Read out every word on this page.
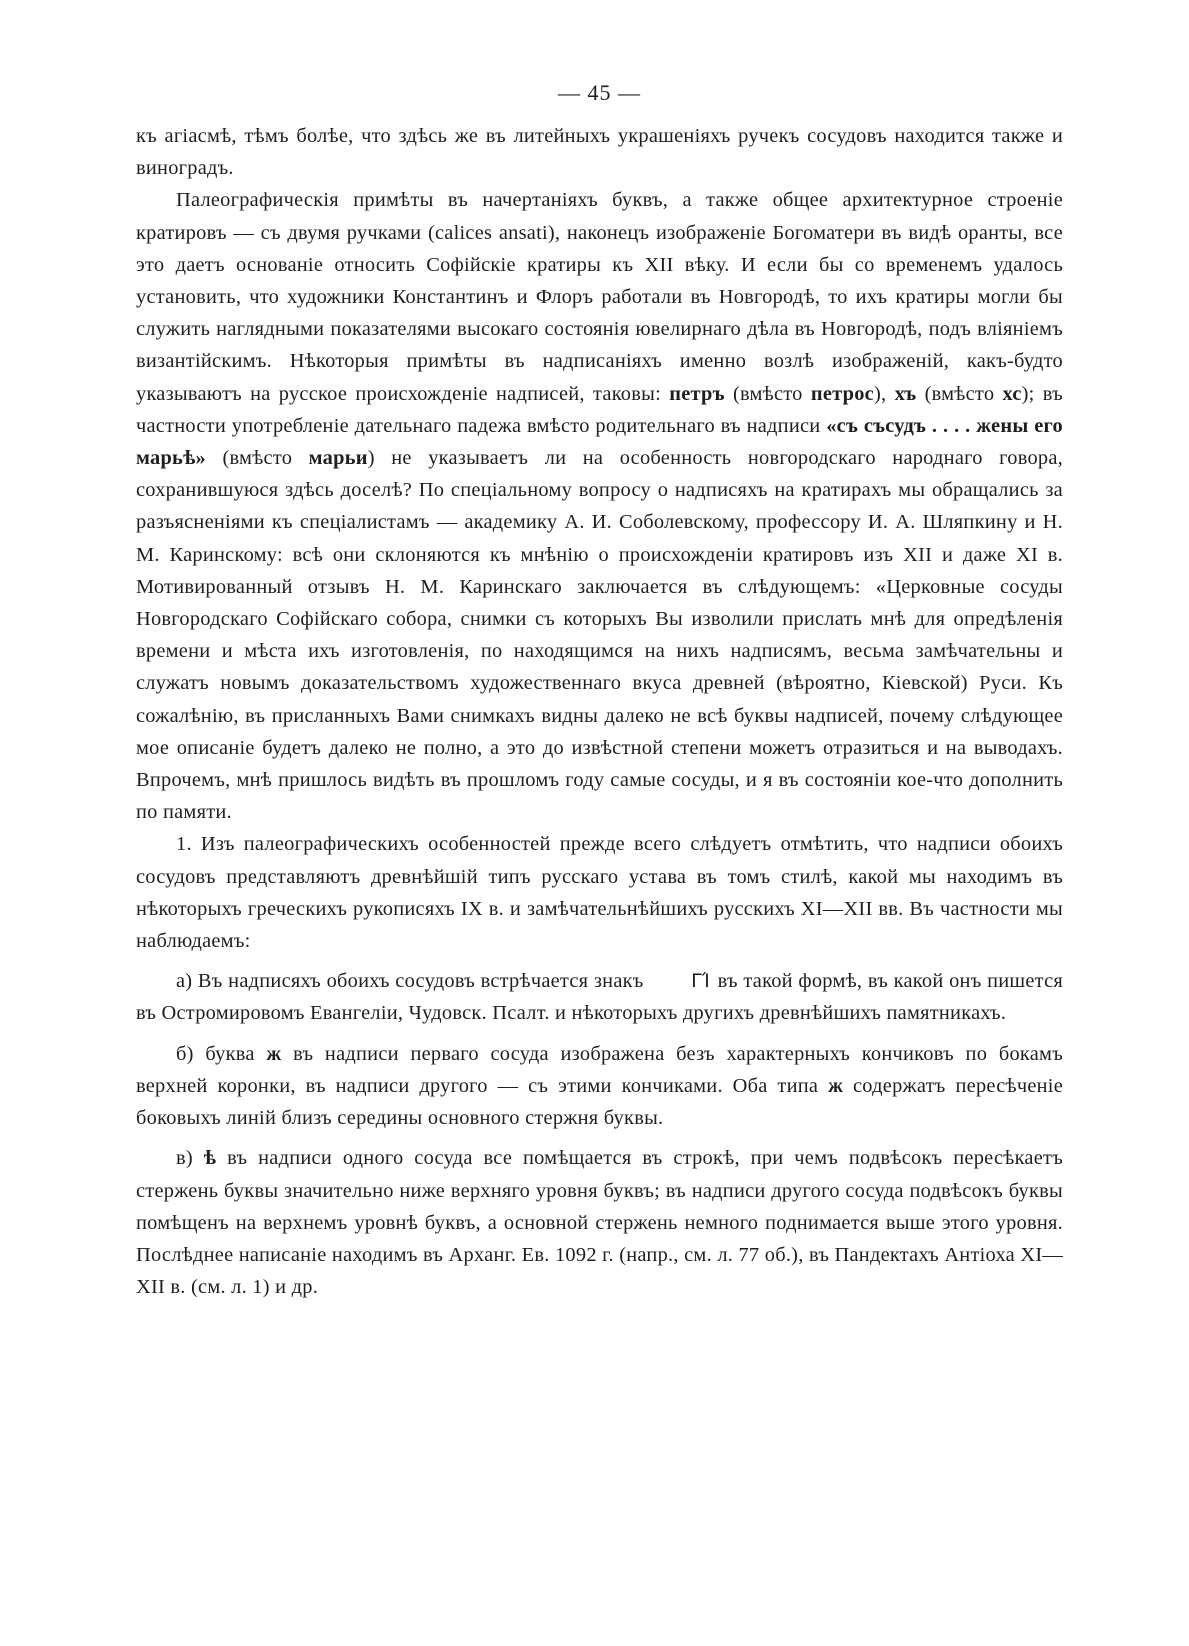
— 45 —

къ агіасмѣ, тѣмъ болѣе, что здѣсь же въ литейныхъ украшеніяхъ ручекъ сосудовъ находится также и виноградъ.

Палеографическія примѣты въ начертаніяхъ буквъ, а также общее архитектурное строеніе кратировъ — съ двумя ручками (calices ansati), наконецъ изображеніе Богоматери въ видѣ оранты, все это даетъ основаніе относить Софійскіе кратиры къ XII вѣку. И если бы со временемъ удалось установить, что художники Константинъ и Флоръ работали въ Новгородѣ, то ихъ кратиры могли бы служить наглядными показателями высокаго состоянія ювелирнаго дѣла въ Новгородѣ, подъ вліяніемъ византійскимъ. Нѣкоторыя примѣты въ надписаніяхъ именно возлѣ изображеній, какъ-будто указываютъ на русское происхожденіе надписей, таковы: петръ (вмѣсто петрос), хъ (вмѣсто хс); въ частности употребленіе дательнаго падежа вмѣсто родительнаго въ надписи «съ съсудъ . . . . жены его марьѣ» (вмѣсто марьи) не указываетъ ли на особенность новгородскаго народнаго говора, сохранившуюся здѣсь доселѣ? По спеціальному вопросу о надписяхъ на кратирахъ мы обращались за разъясненіями къ спеціалистамъ — академику А. И. Соболевскому, профессору И. А. Шляпкину и Н. М. Каринскому: всѣ они склоняются къ мнѣнію о происхожденіи кратировъ изъ XII и даже XI в. Мотивированный отзывъ Н. М. Каринскаго заключается въ слѣдующемъ: «Церковные сосуды Новгородскаго Софійскаго собора, снимки съ которыхъ Вы изволили прислать мнѣ для опредѣленія времени и мѣста ихъ изготовленія, по находящимся на нихъ надписямъ, весьма замѣчательны и служатъ новымъ доказательствомъ художественнаго вкуса древней (вѣроятно, Кіевской) Руси. Къ сожалѣнію, въ присланныхъ Вами снимкахъ видны далеко не всѣ буквы надписей, почему слѣдующее мое описаніе будетъ далеко не полно, а это до извѣстной степени можетъ отразиться и на выводахъ. Впрочемъ, мнѣ пришлось видѣть въ прошломъ году самые сосуды, и я въ состояніи кое-что дополнить по памяти.

1. Изъ палеографическихъ особенностей прежде всего слѣдуетъ отмѣтить, что надписи обоихъ сосудовъ представляютъ древнѣйшій типъ русскаго устава въ томъ стилѣ, какой мы находимъ въ нѣкоторыхъ греческихъ рукописяхъ IX в. и замѣчательнѣйшихъ русскихъ XI—XII вв. Въ частности мы наблюдаемъ:

а) Въ надписяхъ обоихъ сосудовъ встрѣчается знакъ ΓΊ въ такой формѣ, въ какой онъ пишется въ Остромировомъ Евангеліи, Чудовск. Псалт. и нѣкоторыхъ другихъ древнѣйшихъ памятникахъ.

б) буква ж въ надписи перваго сосуда изображена безъ характерныхъ кончиковъ по бокамъ верхней коронки, въ надписи другого — съ этими кончиками. Оба типа ж содержатъ пересѣченіе боковыхъ линій близъ середины основного стержня буквы.

в) ѣ въ надписи одного сосуда все помѣщается въ строкѣ, при чемъ подвѣсокъ пересѣкаетъ стержень буквы значительно ниже верхняго уровня буквъ; въ надписи другого сосуда подвѣсокъ буквы помѣщенъ на верхнемъ уровнѣ буквъ, а основной стержень немного поднимается выше этого уровня. Послѣднее написаніе находимъ въ Арханг. Ев. 1092 г. (напр., см. л. 77 об.), въ Пандектахъ Антіоха XI—XII в. (см. л. 1) и др.
